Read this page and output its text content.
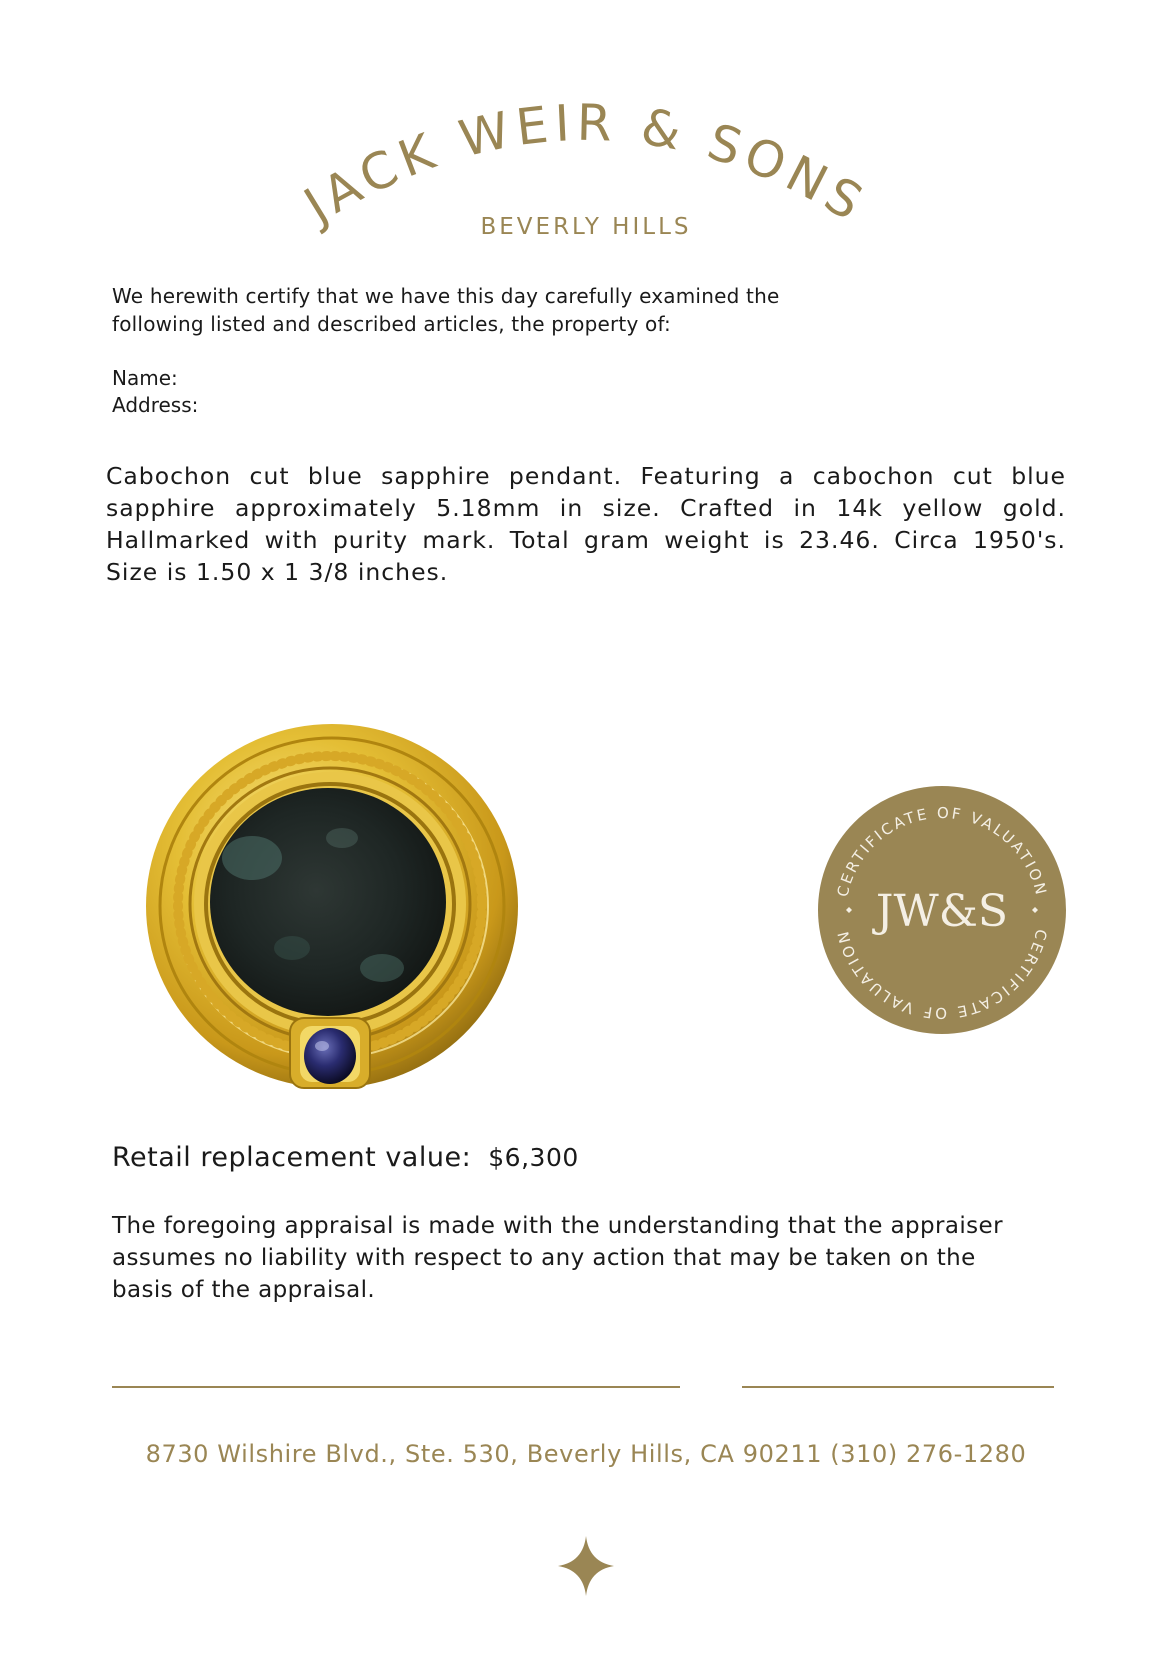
JACK WEIR & SONS
BEVERLY HILLS
We herewith certify that we have this day carefully examined the following listed and described articles, the property of:
Name:
Address:
Cabochon cut blue sapphire pendant. Featuring a cabochon cut blue sapphire approximately 5.18mm in size. Crafted in 14k yellow gold. Hallmarked with purity mark. Total gram weight is 23.46. Circa 1950's. Size is 1.50 x 1 3/8 inches.
CERTIFICATE OF VALUATION
CERTIFICATE OF VALUATION JW&S
Retail replacement value: $6,300
The foregoing appraisal is made with the understanding that the appraiser assumes no liability with respect to any action that may be taken on the basis of the appraisal.
8730 Wilshire Blvd., Ste. 530, Beverly Hills, CA 90211 (310) 276-1280
